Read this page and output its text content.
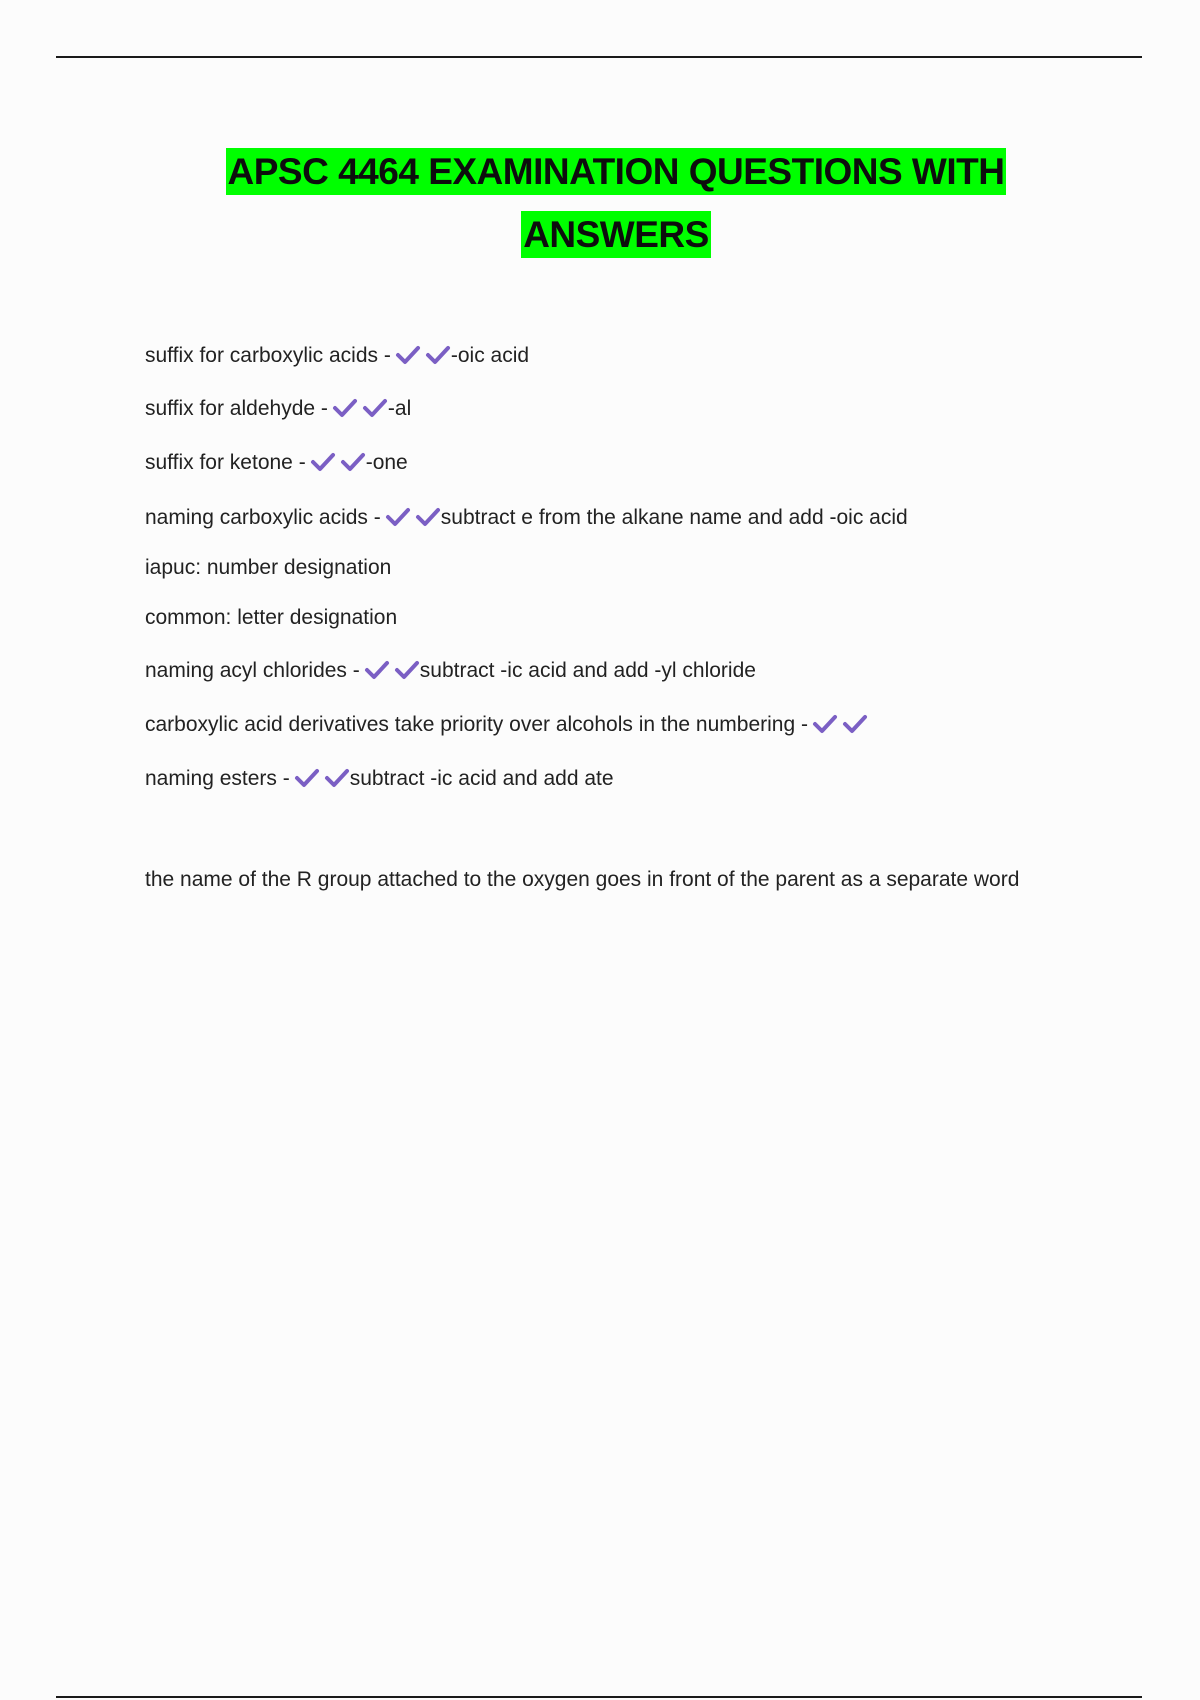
APSC 4464 EXAMINATION QUESTIONS WITH
ANSWERS
suffix for carboxylic acids -	-oic acid
suffix for aldehyde -	-al
suffix for ketone -	-one
naming carboxylic acids -	subtract e from the alkane name and add -oic acid
iapuc: number designation
common: letter designation
naming acyl chlorides -	subtract -ic acid and add -yl chloride
carboxylic acid derivatives take priority over alcohols in the numbering -
naming esters -	subtract -ic acid and add ate
the name of the R group attached to the oxygen goes in front of the parent as a separate word
